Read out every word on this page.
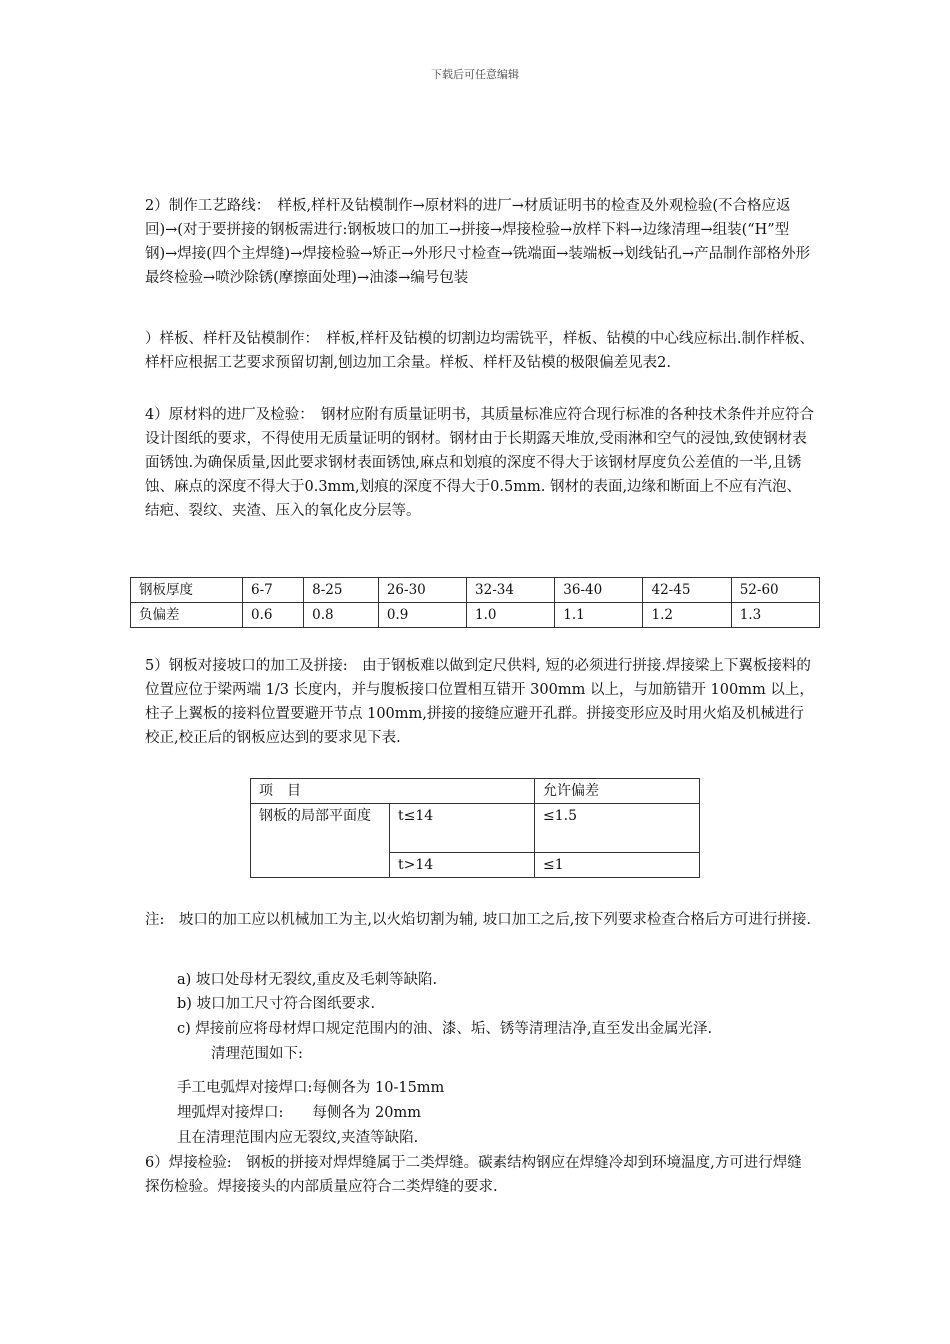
下载后可任意编辑

2）制作工艺路线：　样板,样杆及钻模制作→原材料的进厂→材质证明书的检查及外观检验(不合格应返回)→(对于要拼接的钢板需进行:钢板坡口的加工→拼接→焊接检验→放样下料→边缘清理→组装(“H”型钢)→焊接(四个主焊缝)→焊接检验→矫正→外形尺寸检查→铣端面→装端板→划线钻孔→产品制作部格外形最终检验→喷沙除锈(摩擦面处理)→油漆→编号包装

）样板、样杆及钻模制作：　样板,样杆及钻模的切割边均需铣平，样板、钻模的中心线应标出.制作样板、样杆应根据工艺要求预留切割,刨边加工余量。样板、样杆及钻模的极限偏差见表2.

4）原材料的进厂及检验：　钢材应附有质量证明书，其质量标准应符合现行标准的各种技术条件并应符合设计图纸的要求，不得使用无质量证明的钢材。钢材由于长期露天堆放,受雨淋和空气的浸蚀,致使钢材表面锈蚀.为确保质量,因此要求钢材表面锈蚀,麻点和划痕的深度不得大于该钢材厚度负公差值的一半,且锈蚀、麻点的深度不得大于0.3mm,划痕的深度不得大于0.5mm. 钢材的表面,边缘和断面上不应有汽泡、结疤、裂纹、夹渣、压入的氧化皮分层等。

钢板厚度	6-7	8-25	26-30	32-34	36-40	42-45	52-60
负偏差	0.6	0.8	0.9	1.0	1.1	1.2	1.3

5）钢板对接坡口的加工及拼接:　由于钢板难以做到定尺供料, 短的必须进行拼接.焊接梁上下翼板接料的位置应位于梁两端 1/3 长度内，并与腹板接口位置相互错开 300mm 以上，与加筋错开 100mm 以上，柱子上翼板的接料位置要避开节点 100mm,拼接的接缝应避开孔群。拼接变形应及时用火焰及机械进行校正,校正后的钢板应达到的要求见下表.

项　目		允许偏差
钢板的局部平面度	t≤14	≤1.5
	t>14	≤1

注:　坡口的加工应以机械加工为主,以火焰切割为辅, 坡口加工之后,按下列要求检查合格后方可进行拼接.

a) 坡口处母材无裂纹,重皮及毛刺等缺陷.

b) 坡口加工尺寸符合图纸要求.

c) 焊接前应将母材焊口规定范围内的油、漆、垢、锈等清理洁净,直至发出金属光泽.

清理范围如下:

手工电弧焊对接焊口:每侧各为 10-15mm

埋弧焊对接焊口:　　每侧各为 20mm

且在清理范围内应无裂纹,夹渣等缺陷.

6）焊接检验:　钢板的拼接对焊焊缝属于二类焊缝。碳素结构钢应在焊缝冷却到环境温度,方可进行焊缝探伤检验。焊接接头的内部质量应符合二类焊缝的要求.
